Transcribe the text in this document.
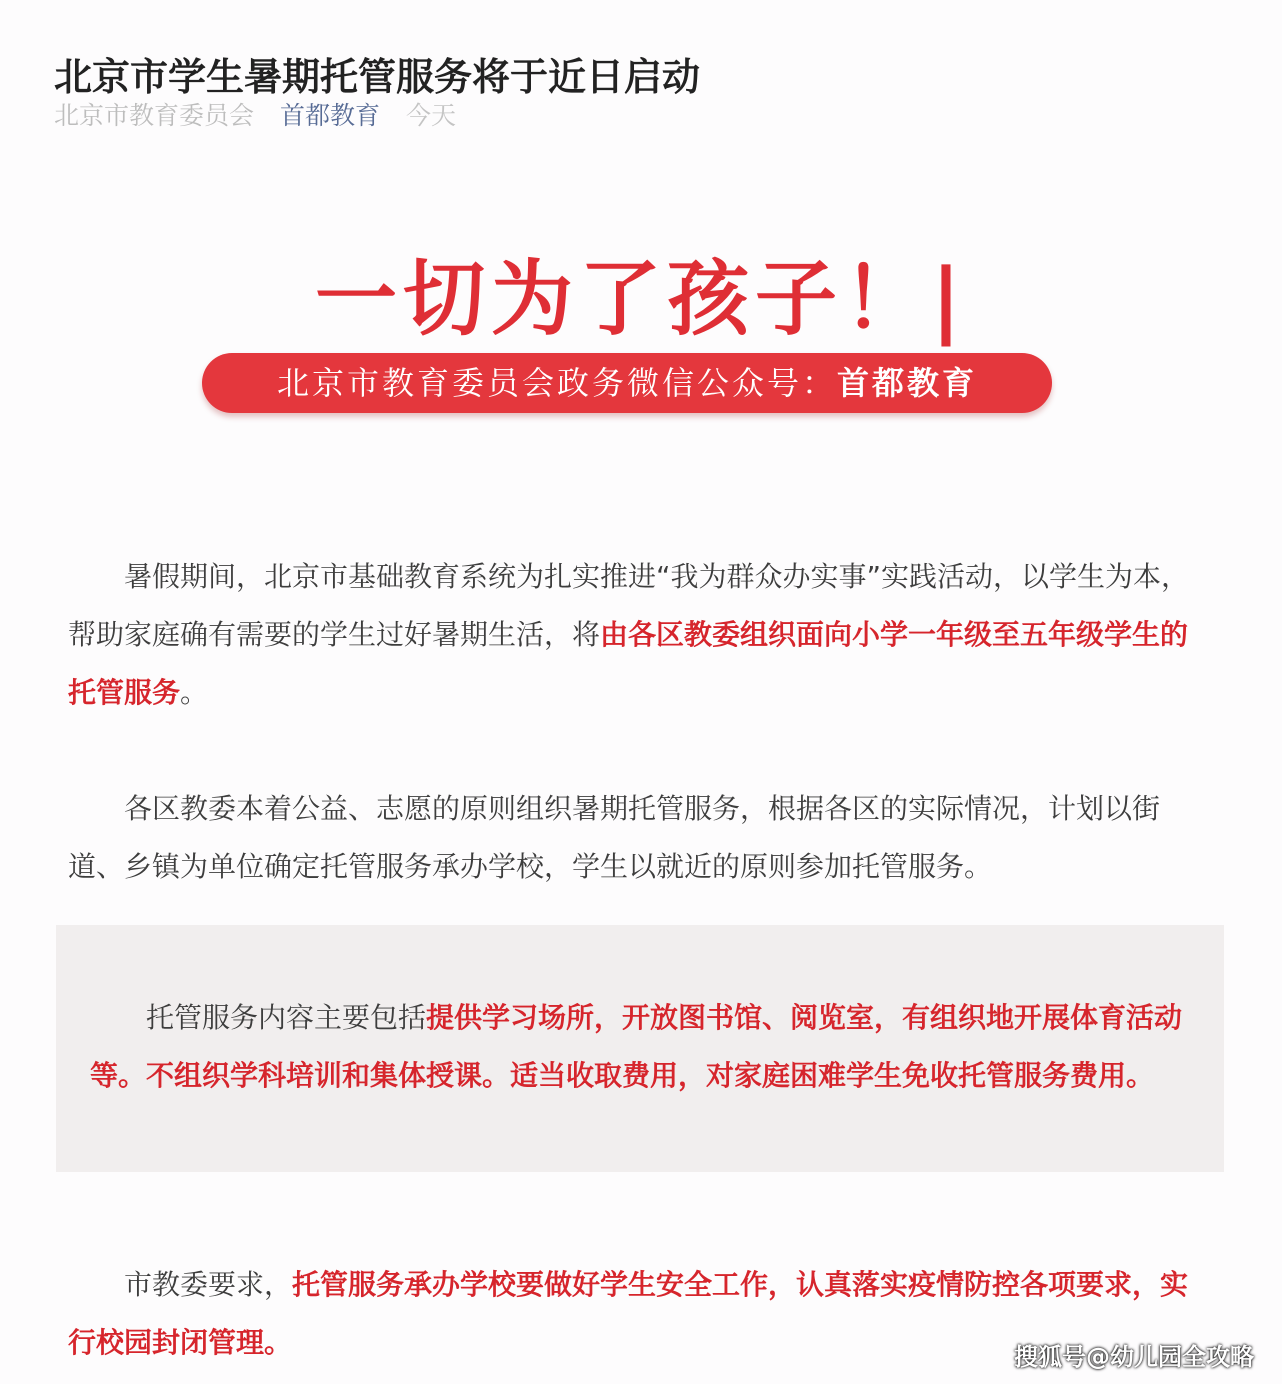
北京市学生暑期托管服务将于近日启动
北京市教育委员会 首都教育 今天
一切为了孩子！|
北京市教育委员会政务微信公众号：首都教育

暑假期间，北京市基础教育系统为扎实推进“我为群众办实事”实践活动，以学生为本，帮助家庭确有需要的学生过好暑期生活，将由各区教委组织面向小学一年级至五年级学生的托管服务。

各区教委本着公益、志愿的原则组织暑期托管服务，根据各区的实际情况，计划以街道、乡镇为单位确定托管服务承办学校，学生以就近的原则参加托管服务。

托管服务内容主要包括提供学习场所，开放图书馆、阅览室，有组织地开展体育活动等。不组织学科培训和集体授课。适当收取费用，对家庭困难学生免收托管服务费用。

市教委要求，托管服务承办学校要做好学生安全工作，认真落实疫情防控各项要求，实行校园封闭管理。	搜狐号@幼儿园全攻略
